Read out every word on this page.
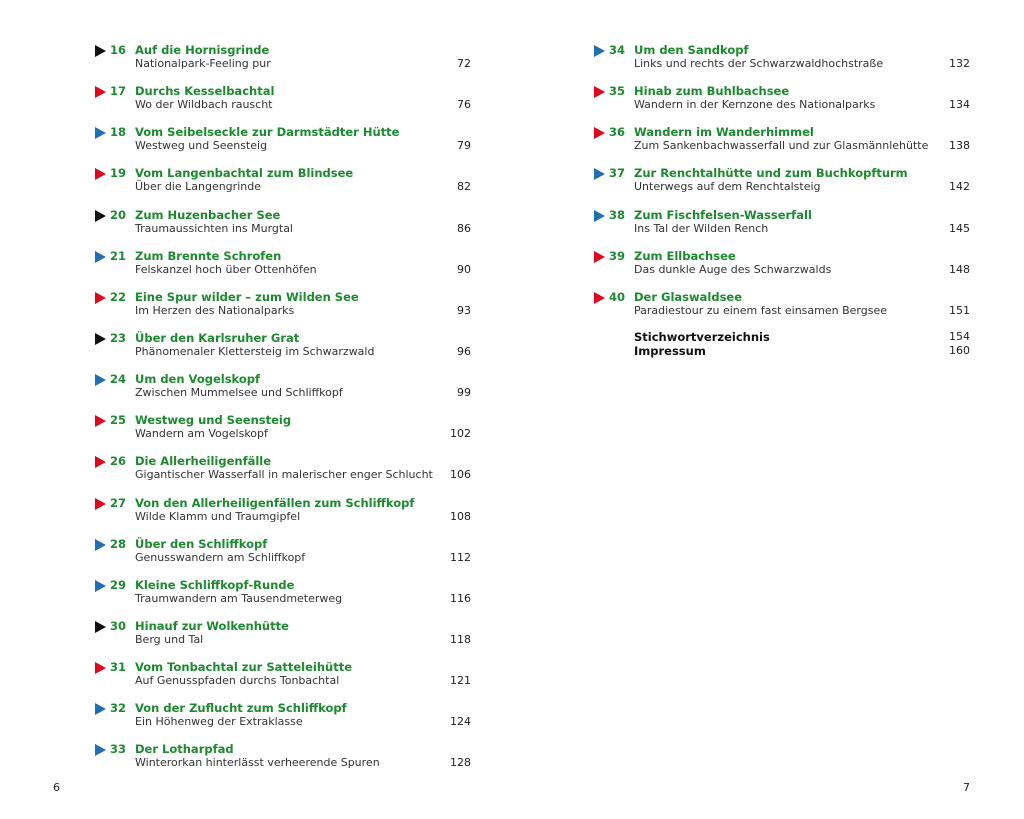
16 Auf die Hornisgrinde
Nationalpark-Feeling pur	72
17 Durchs Kesselbachtal
Wo der Wildbach rauscht	76
18 Vom Seibelseckle zur Darmstädter Hütte
Westweg und Seensteig	79
19 Vom Langenbachtal zum Blindsee
Über die Langengrinde	82
20 Zum Huzenbacher See
Traumaussichten ins Murgtal	86
21 Zum Brennte Schrofen
Felskanzel hoch über Ottenhöfen	90
22 Eine Spur wilder – zum Wilden See
Im Herzen des Nationalparks	93
23 Über den Karlsruher Grat
Phänomenaler Klettersteig im Schwarzwald	96
24 Um den Vogelskopf
Zwischen Mummelsee und Schliffkopf	99
25 Westweg und Seensteig
Wandern am Vogelskopf	102
26 Die Allerheiligenfälle
Gigantischer Wasserfall in malerischer enger Schlucht 106
27 Von den Allerheiligenfällen zum Schliffkopf
Wilde Klamm und Traumgipfel	108
28 Über den Schliffkopf
Genusswandern am Schliffkopf	112
29 Kleine Schliffkopf-Runde
Traumwandern am Tausendmeterweg	116
30 Hinauf zur Wolkenhütte
Berg und Tal	118
31 Vom Tonbachtal zur Satteleihütte
Auf Genusspfaden durchs Tonbachtal	121
32 Von der Zuflucht zum Schliffkopf
Ein Höhenweg der Extraklasse	124
33 Der Lotharpfad
Winterorkan hinterlässt verheerende Spuren	128
34 Um den Sandkopf
Links und rechts der Schwarzwaldhochstraße	132
35 Hinab zum Buhlbachsee
Wandern in der Kernzone des Nationalparks	134
36 Wandern im Wanderhimmel
Zum Sankenbachwasserfall und zur Glasmännlehütte 138
37 Zur Renchtalhütte und zum Buchkopfturm
Unterwegs auf dem Renchtalsteig	142
38 Zum Fischfelsen-Wasserfall
Ins Tal der Wilden Rench	145
39 Zum Ellbachsee
Das dunkle Auge des Schwarzwalds	148
40 Der Glaswaldsee
Paradiestour zu einem fast einsamen Bergsee	151
Stichwortverzeichnis	154
Impressum	160
6	7
